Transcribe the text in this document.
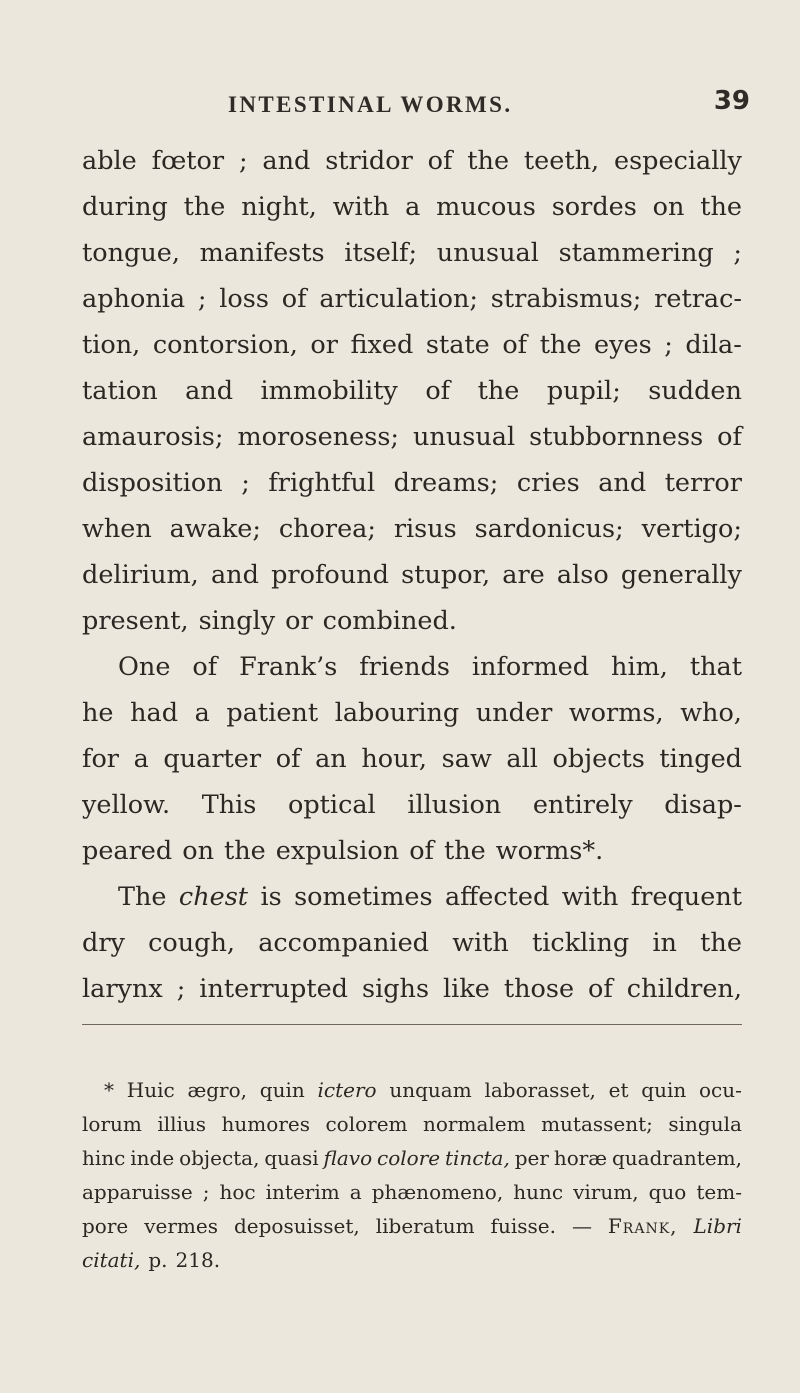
INTESTINAL WORMS.	39
able fœtor ; and stridor of the teeth, especially
during the night, with a mucous sordes on the
tongue, manifests itself; unusual stammering ;
aphonia ; loss of articulation; strabismus; retrac-
tion, contorsion, or fixed state of the eyes ; dila-
tation and immobility of the pupil; sudden
amaurosis; moroseness; unusual stubbornness of
disposition ; frightful dreams; cries and terror
when awake; chorea; risus sardonicus; vertigo;
delirium, and profound stupor, are also generally
present, singly or combined.
One of Frank’s friends informed him, that
he had a patient labouring under worms, who,
for a quarter of an hour, saw all objects tinged
yellow. This optical illusion entirely disap-
peared on the expulsion of the worms*.
The chest is sometimes affected with frequent
dry cough, accompanied with tickling in the
larynx ; interrupted sighs like those of children,
* Huic ægro, quin ictero unquam laborasset, et quin ocu-
lorum illius humores colorem normalem mutassent; singula
hinc inde objecta, quasi flavo colore tincta, per horæ quadrantem,
apparuisse ; hoc interim a phænomeno, hunc virum, quo tem-
pore vermes deposuisset, liberatum fuisse. — Frank, Libri
citati, p. 218.
